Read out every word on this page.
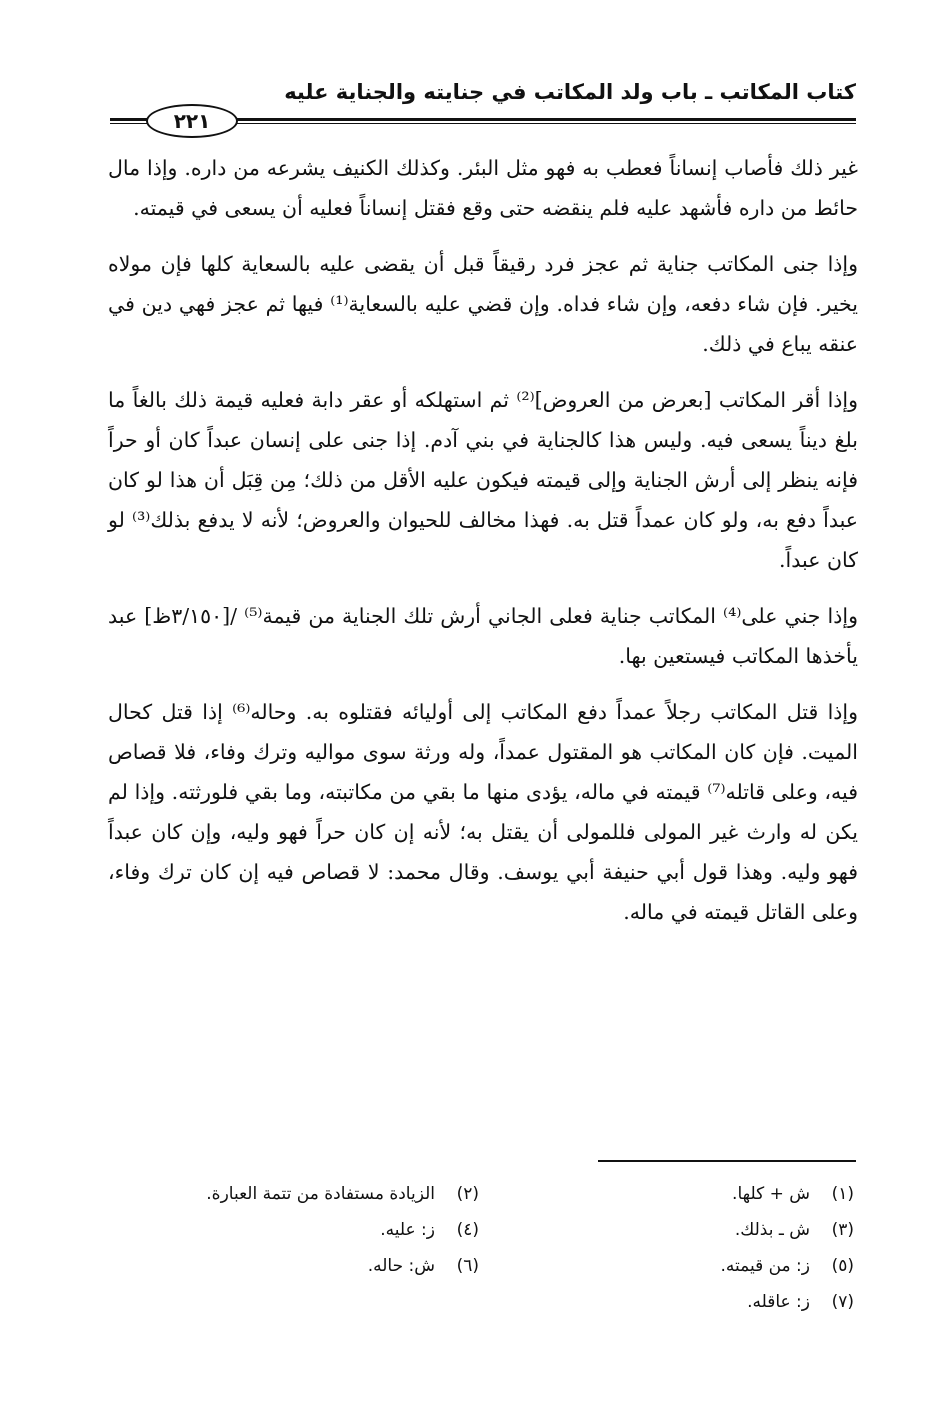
كتاب المكاتب ـ باب ولد المكاتب في جنايته والجناية عليه
٢٢١

غير ذلك فأصاب إنساناً فعطب به فهو مثل البئر. وكذلك الكنيف يشرعه من داره. وإذا مال حائط من داره فأشهد عليه فلم ينقضه حتى وقع فقتل إنساناً فعليه أن يسعى في قيمته.

وإذا جنى المكاتب جناية ثم عجز فرد رقيقاً قبل أن يقضى عليه بالسعاية كلها فإن مولاه يخير. فإن شاء دفعه، وإن شاء فداه. وإن قضي عليه بالسعاية⁽¹⁾ فيها ثم عجز فهي دين في عنقه يباع في ذلك.

وإذا أقر المكاتب [بعرض من العروض]⁽²⁾ ثم استهلكه أو عقر دابة فعليه قيمة ذلك بالغاً ما بلغ ديناً يسعى فيه. وليس هذا كالجناية في بني آدم. إذا جنى على إنسان عبداً كان أو حراً فإنه ينظر إلى أرش الجناية وإلى قيمته فيكون عليه الأقل من ذلك؛ مِن قِبَل أن هذا لو كان عبداً دفع به، ولو كان عمداً قتل به. فهذا مخالف للحيوان والعروض؛ لأنه لا يدفع بذلك⁽³⁾ لو كان عبداً.

وإذا جني على⁽⁴⁾ المكاتب جناية فعلى الجاني أرش تلك الجناية من قيمة⁽⁵⁾ /[٣/١٥٠ظ] عبد يأخذها المكاتب فيستعين بها.

وإذا قتل المكاتب رجلاً عمداً دفع المكاتب إلى أوليائه فقتلوه به. وحاله⁽⁶⁾ إذا قتل كحال الميت. فإن كان المكاتب هو المقتول عمداً، وله ورثة سوى مواليه وترك وفاء، فلا قصاص فيه، وعلى قاتله⁽⁷⁾ قيمته في ماله، يؤدى منها ما بقي من مكاتبته، وما بقي فلورثته. وإذا لم يكن له وارث غير المولى فللمولى أن يقتل به؛ لأنه إن كان حراً فهو وليه، وإن كان عبداً فهو وليه. وهذا قول أبي حنيفة أبي يوسف. وقال محمد: لا قصاص فيه إن كان ترك وفاء، وعلى القاتل قيمته في ماله.

(١)ش + كلها.
(٢)الزيادة مستفادة من تتمة العبارة.
(٣)ش ـ بذلك.
(٤)ز: عليه.
(٥)ز: من قيمته.
(٦)ش: حاله.
(٧)ز: عاقله.
